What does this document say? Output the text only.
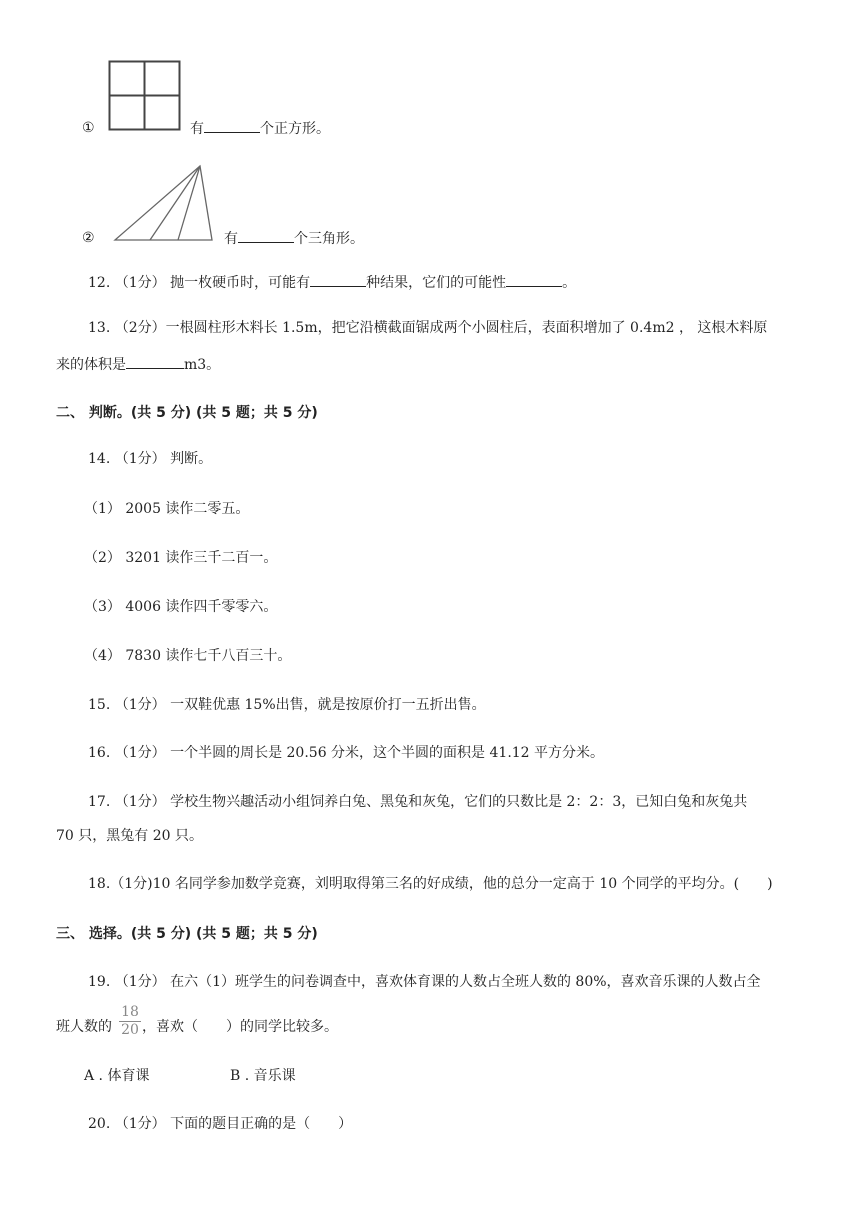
①	有	个正方形。
②	有	个三角形。
12. （1分） 抛一枚硬币时，可能有	种结果，它们的可能性	。
13. （2分）一根圆柱形木料长 1.5m，把它沿横截面锯成两个小圆柱后，表面积增加了 0.4m2 ， 这根木料原
来的体积是	m3。
二、 判断。(共 5 分) (共 5 题；共 5 分)
14. （1分） 判断。
（1） 2005 读作二零五。
（2） 3201 读作三千二百一。
（3） 4006 读作四千零零六。
（4） 7830 读作七千八百三十。
15. （1分） 一双鞋优惠 15%出售，就是按原价打一五折出售。
16. （1分） 一个半圆的周长是 20.56 分米，这个半圆的面积是 41.12 平方分米。
17. （1分） 学校生物兴趣活动小组饲养白兔、黑兔和灰兔，它们的只数比是 2：2：3，已知白兔和灰兔共
70 只，黑兔有 20 只。
18.（1分)10 名同学参加数学竞赛，刘明取得第三名的好成绩，他的总分一定高于 10 个同学的平均分。(　　)
三、 选择。(共 5 分) (共 5 题；共 5 分)
19. （1分） 在六（1）班学生的问卷调查中，喜欢体育课的人数占全班人数的 80%，喜欢音乐课的人数占全
班人数的
18
20 ，喜欢（　　）的同学比较多。
A . 体育课	B . 音乐课
20. （1分） 下面的题目正确的是（　　）
